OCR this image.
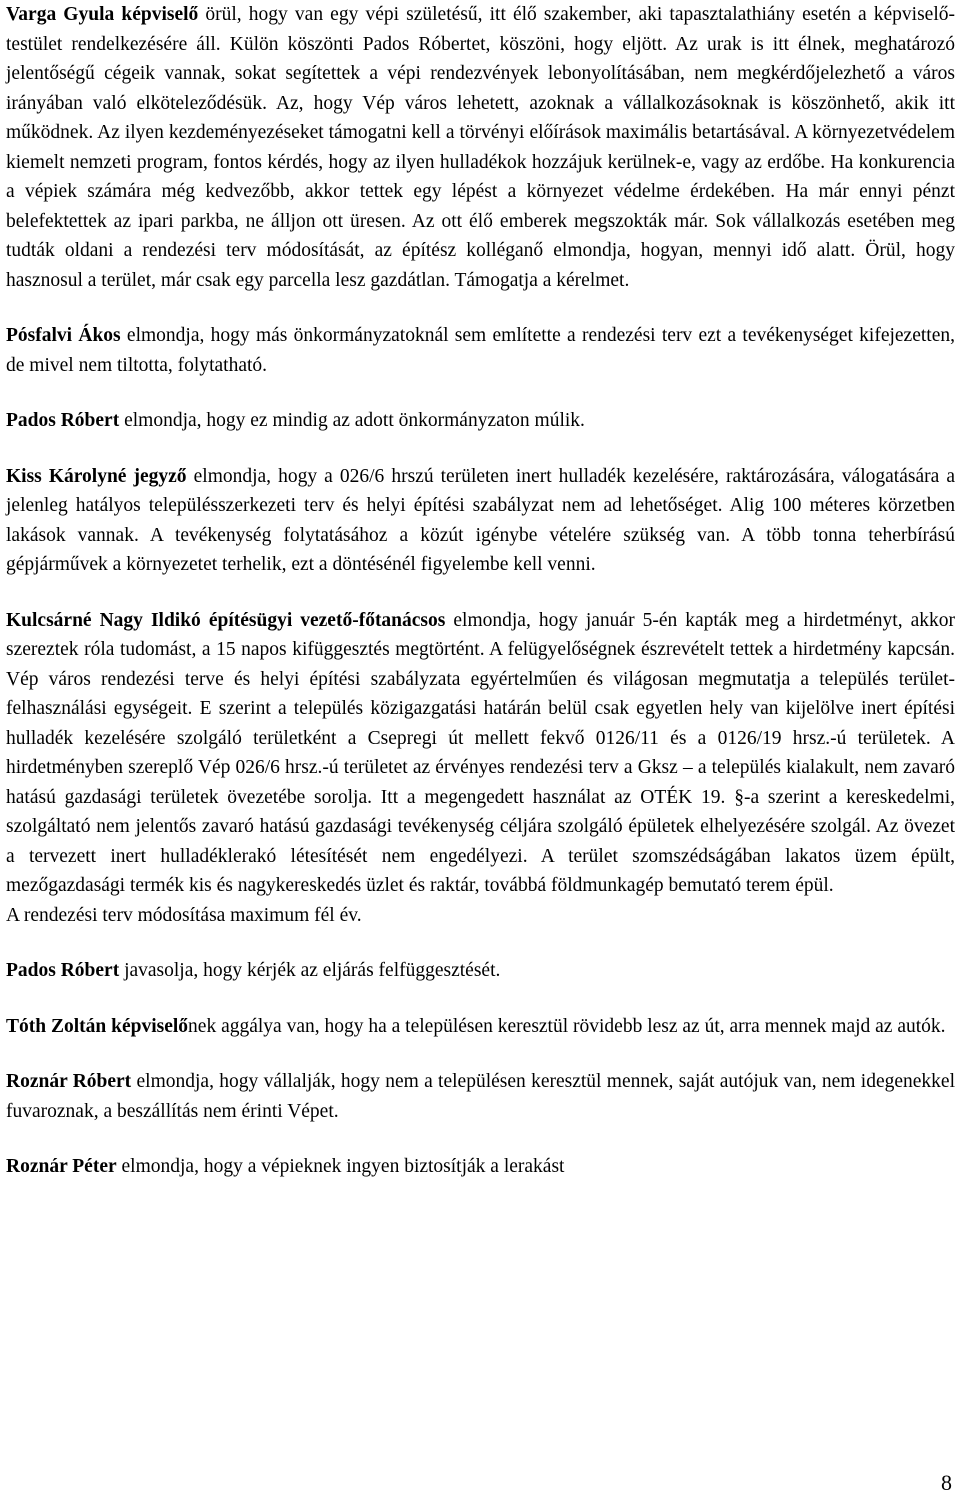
Varga Gyula képviselő örül, hogy van egy vépi születésű, itt élő szakember, aki tapasztalathiány esetén a képviselő-testület rendelkezésére áll. Külön köszönti Pados Róbertet, köszöni, hogy eljött. Az urak is itt élnek, meghatározó jelentőségű cégeik vannak, sokat segítettek a vépi rendezvények lebonyolításában, nem megkérdőjelezhető a város irányában való elköteleződésük. Az, hogy Vép város lehetett, azoknak a vállalkozásoknak is köszönhető, akik itt működnek. Az ilyen kezdeményezéseket támogatni kell a törvényi előírások maximális betartásával. A környezetvédelem kiemelt nemzeti program, fontos kérdés, hogy az ilyen hulladékok hozzájuk kerülnek-e, vagy az erdőbe. Ha konkurencia a vépiek számára még kedvezőbb, akkor tettek egy lépést a környezet védelme érdekében. Ha már ennyi pénzt belefektettek az ipari parkba, ne álljon ott üresen. Az ott élő emberek megszokták már. Sok vállalkozás esetében meg tudták oldani a rendezési terv módosítását, az építész kolléganő elmondja, hogyan, mennyi idő alatt. Örül, hogy hasznosul a terület, már csak egy parcella lesz gazdátlan. Támogatja a kérelmet.

Pósfalvi Ákos elmondja, hogy más önkormányzatoknál sem említette a rendezési terv ezt a tevékenységet kifejezetten, de mivel nem tiltotta, folytatható.

Pados Róbert elmondja, hogy ez mindig az adott önkormányzaton múlik.

Kiss Károlyné jegyző elmondja, hogy a 026/6 hrszú területen inert hulladék kezelésére, raktározására, válogatására a jelenleg hatályos településszerkezeti terv és helyi építési szabályzat nem ad lehetőséget. Alig 100 méteres körzetben lakások vannak. A tevékenység folytatásához a közút igénybe vételére szükség van. A több tonna teherbírású gépjárművek a környezetet terhelik, ezt a döntésénél figyelembe kell venni.

Kulcsárné Nagy Ildikó építésügyi vezető-főtanácsos elmondja, hogy január 5-én kapták meg a hirdetményt, akkor szereztek róla tudomást, a 15 napos kifüggesztés megtörtént. A felügyelőségnek észrevételt tettek a hirdetmény kapcsán. Vép város rendezési terve és helyi építési szabályzata egyértelműen és világosan megmutatja a település terület-felhasználási egységeit. E szerint a település közigazgatási határán belül csak egyetlen hely van kijelölve inert építési hulladék kezelésére szolgáló területként a Csepregi út mellett fekvő 0126/11 és a 0126/19 hrsz.-ú területek. A hirdetményben szereplő Vép 026/6 hrsz.-ú területet az érvényes rendezési terv a Gksz – a település kialakult, nem zavaró hatású gazdasági területek övezetébe sorolja. Itt a megengedett használat az OTÉK 19. §-a szerint a kereskedelmi, szolgáltató nem jelentős zavaró hatású gazdasági tevékenység céljára szolgáló épületek elhelyezésére szolgál. Az övezet a tervezett inert hulladéklerakó létesítését nem engedélyezi. A terület szomszédságában lakatos üzem épült, mezőgazdasági termék kis és nagykereskedés üzlet és raktár, továbbá földmunkagép bemutató terem épül.
A rendezési terv módosítása maximum fél év.

Pados Róbert javasolja, hogy kérjék az eljárás felfüggesztését.

Tóth Zoltán képviselőnek aggálya van, hogy ha a településen keresztül rövidebb lesz az út, arra mennek majd az autók.

Roznár Róbert elmondja, hogy vállalják, hogy nem a településen keresztül mennek, saját autójuk van, nem idegenekkel fuvaroznak, a beszállítás nem érinti Vépet.

Roznár Péter elmondja, hogy a vépieknek ingyen biztosítják a lerakást

8
